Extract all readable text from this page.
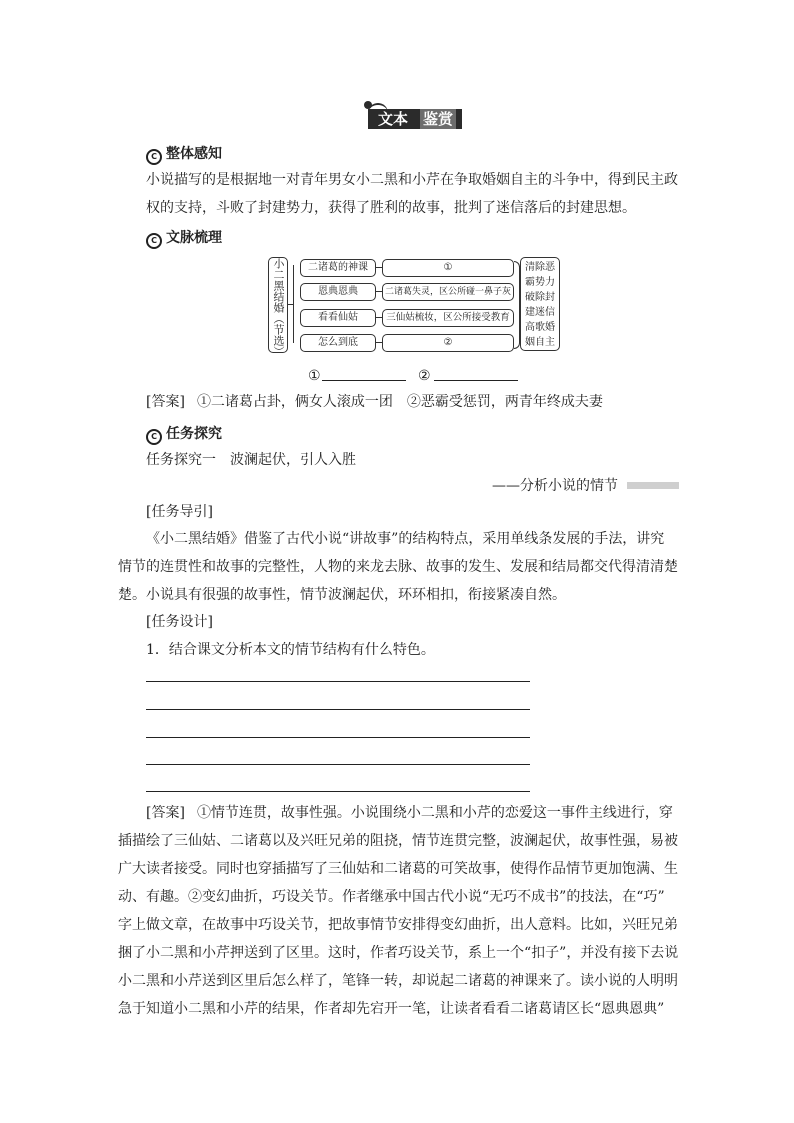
文本 鉴赏
C 整体感知
小说描写的是根据地一对青年男女小二黑和小芹在争取婚姻自主的斗争中，得到民主政
权的支持，斗败了封建势力，获得了胜利的故事，批判了迷信落后的封建思想。
C 文脉梳理
小二黑结婚（节选）	二诸葛的神课
恩典恩典
看看仙姑
怎么到底
①
二诸葛失灵，区公所碰一鼻子灰
三仙姑梳妆，区公所接受教育
②
清除恶霸势力破除封建迷信高歌婚姻自主
①	②
[答案] ①二诸葛占卦，俩女人滚成一团　②恶霸受惩罚，两青年终成夫妻
C 任务探究
任务探究一　波澜起伏，引人入胜
——分析小说的情节
[任务导引]
《小二黑结婚》借鉴了古代小说“讲故事”的结构特点，采用单线条发展的手法，讲究
情节的连贯性和故事的完整性，人物的来龙去脉、故事的发生、发展和结局都交代得清清楚
楚。小说具有很强的故事性，情节波澜起伏，环环相扣，衔接紧凑自然。
[任务设计]
1．结合课文分析本文的情节结构有什么特色。
[答案] ①情节连贯，故事性强。小说围绕小二黑和小芹的恋爱这一事件主线进行，穿
插描绘了三仙姑、二诸葛以及兴旺兄弟的阻挠，情节连贯完整，波澜起伏，故事性强，易被
广大读者接受。同时也穿插描写了三仙姑和二诸葛的可笑故事，使得作品情节更加饱满、生
动、有趣。②变幻曲折，巧设关节。作者继承中国古代小说“无巧不成书”的技法，在“巧”
字上做文章，在故事中巧设关节，把故事情节安排得变幻曲折，出人意料。比如，兴旺兄弟
捆了小二黑和小芹押送到了区里。这时，作者巧设关节，系上一个“扣子”，并没有接下去说
小二黑和小芹送到区里后怎么样了，笔锋一转，却说起二诸葛的神课来了。读小说的人明明
急于知道小二黑和小芹的结果，作者却先宕开一笔，让读者看看二诸葛请区长“恩典恩典”
